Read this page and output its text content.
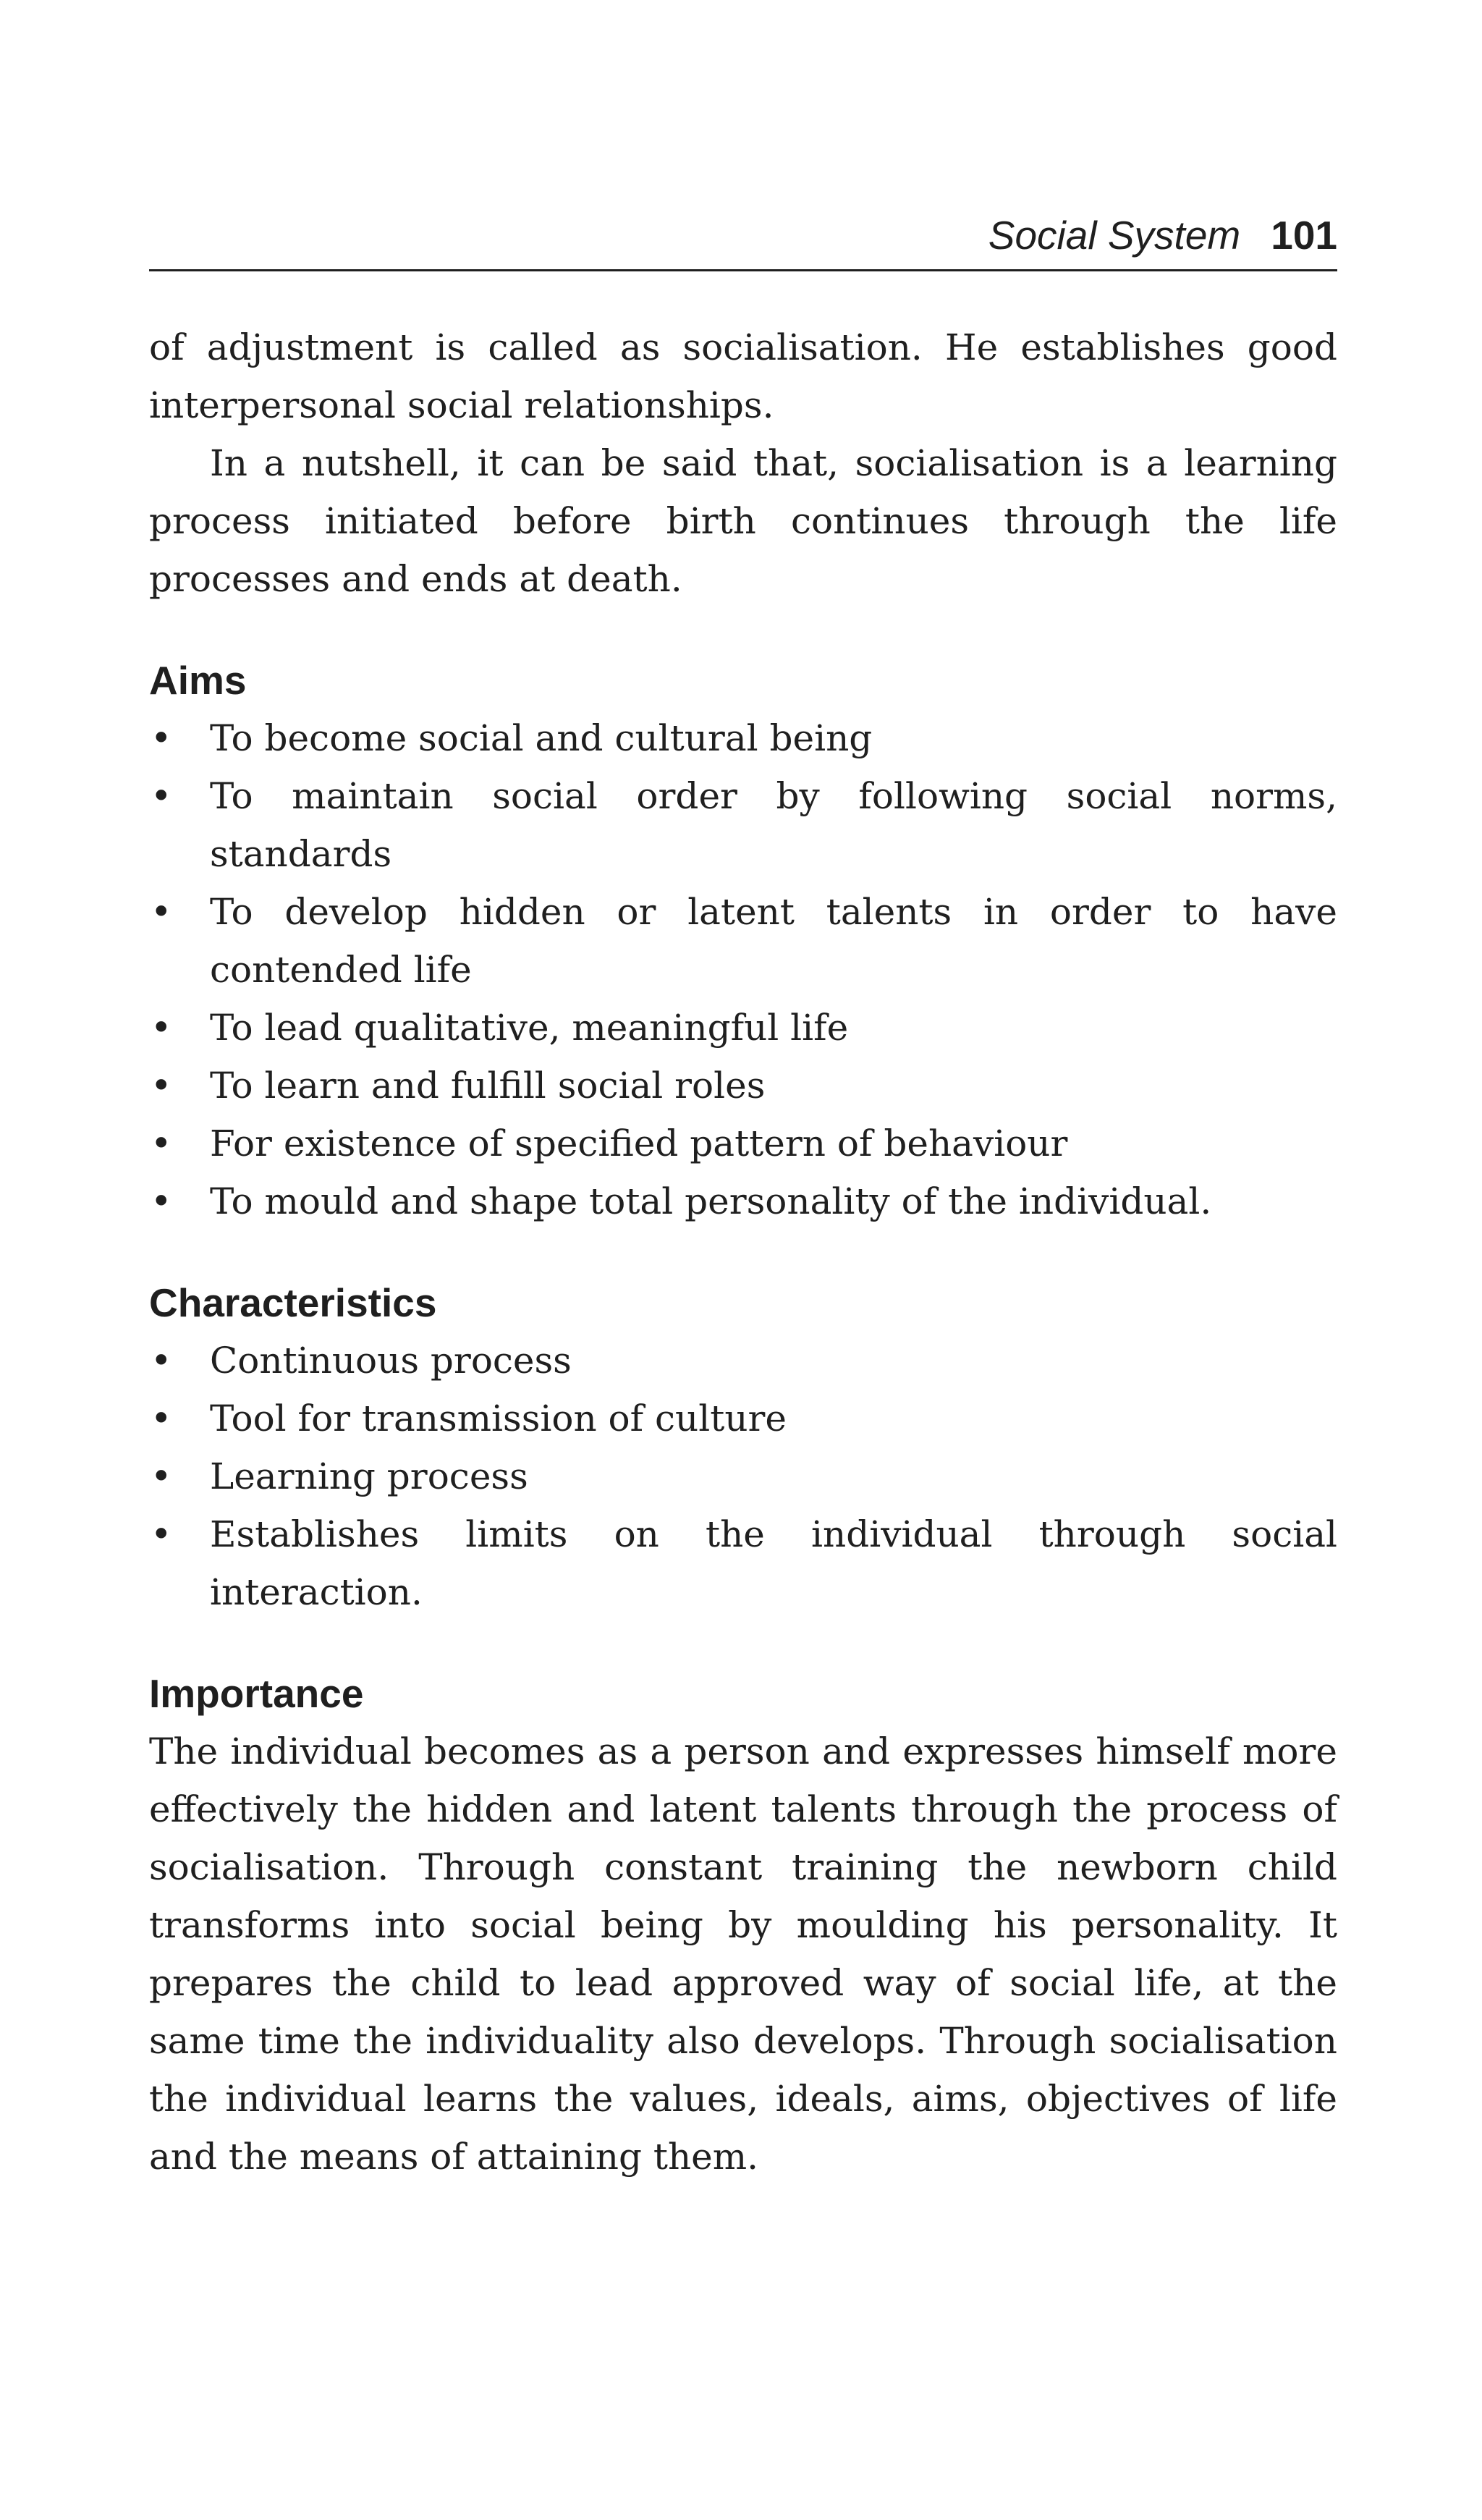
Social System 101

of adjustment is called as socialisation. He establishes good interpersonal social relationships.

In a nutshell, it can be said that, socialisation is a learning process initiated before birth continues through the life processes and ends at death.

Aims
• To become social and cultural being
• To maintain social order by following social norms, standards
• To develop hidden or latent talents in order to have contended life
• To lead qualitative, meaningful life
• To learn and fulfill social roles
• For existence of specified pattern of behaviour
• To mould and shape total personality of the individual.
Characteristics
• Continuous process
• Tool for transmission of culture
• Learning process
• Establishes limits on the individual through social interaction.
Importance

The individual becomes as a person and expresses himself more effectively the hidden and latent talents through the process of socialisation. Through constant training the newborn child transforms into social being by moulding his personality. It prepares the child to lead approved way of social life, at the same time the individuality also develops. Through socialisation the individual learns the values, ideals, aims, objectives of life and the means of attaining them.
